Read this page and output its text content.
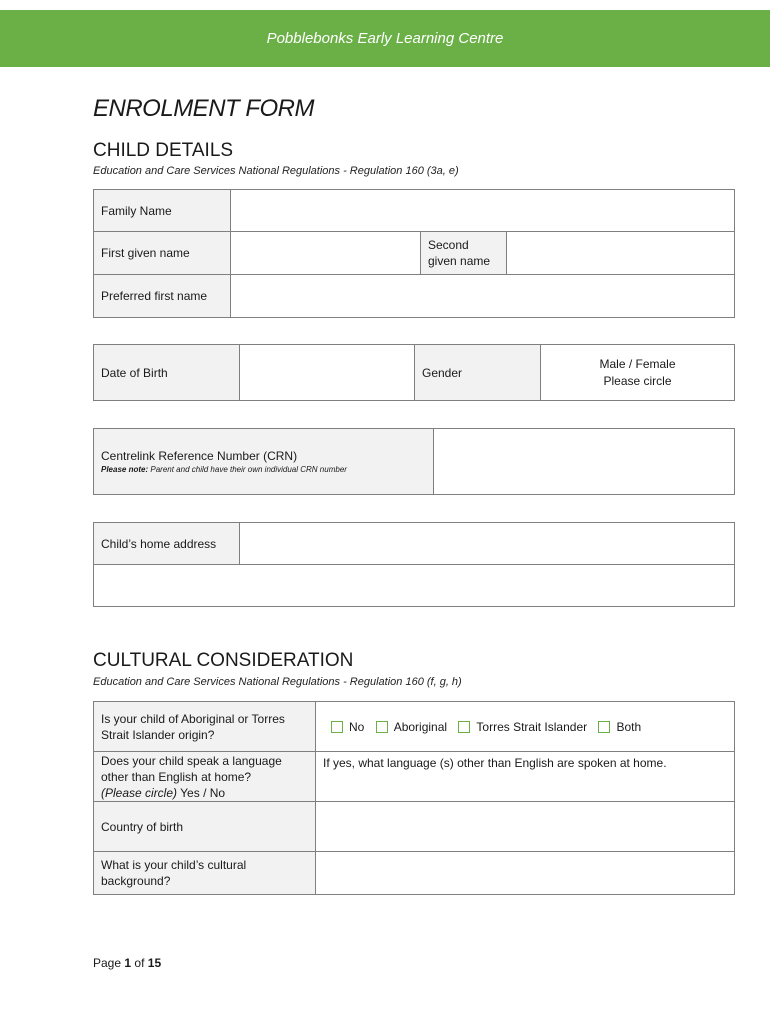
Pobblebonks Early Learning Centre
ENROLMENT FORM
CHILD DETAILS
Education and Care Services National Regulations - Regulation 160 (3a, e)
Family Name			
First given name		Second given name	
Preferred first name			
Date of Birth		Gender	Male / Female
Please circle
Centrelink Reference Number (CRN)
Please note: Parent and child have their own individual CRN number

Child’s home address	

CULTURAL CONSIDERATION
Education and Care Services National Regulations - Regulation 160 (f, g, h)
Is your child of Aboriginal or Torres Strait Islander origin?	No Aboriginal Torres Strait Islander Both
Does your child speak a language other than English at home?
(Please circle) Yes / No	If yes, what language (s) other than English are spoken at home.
Country of birth	
What is your child’s cultural background?	
Page 1 of 15
